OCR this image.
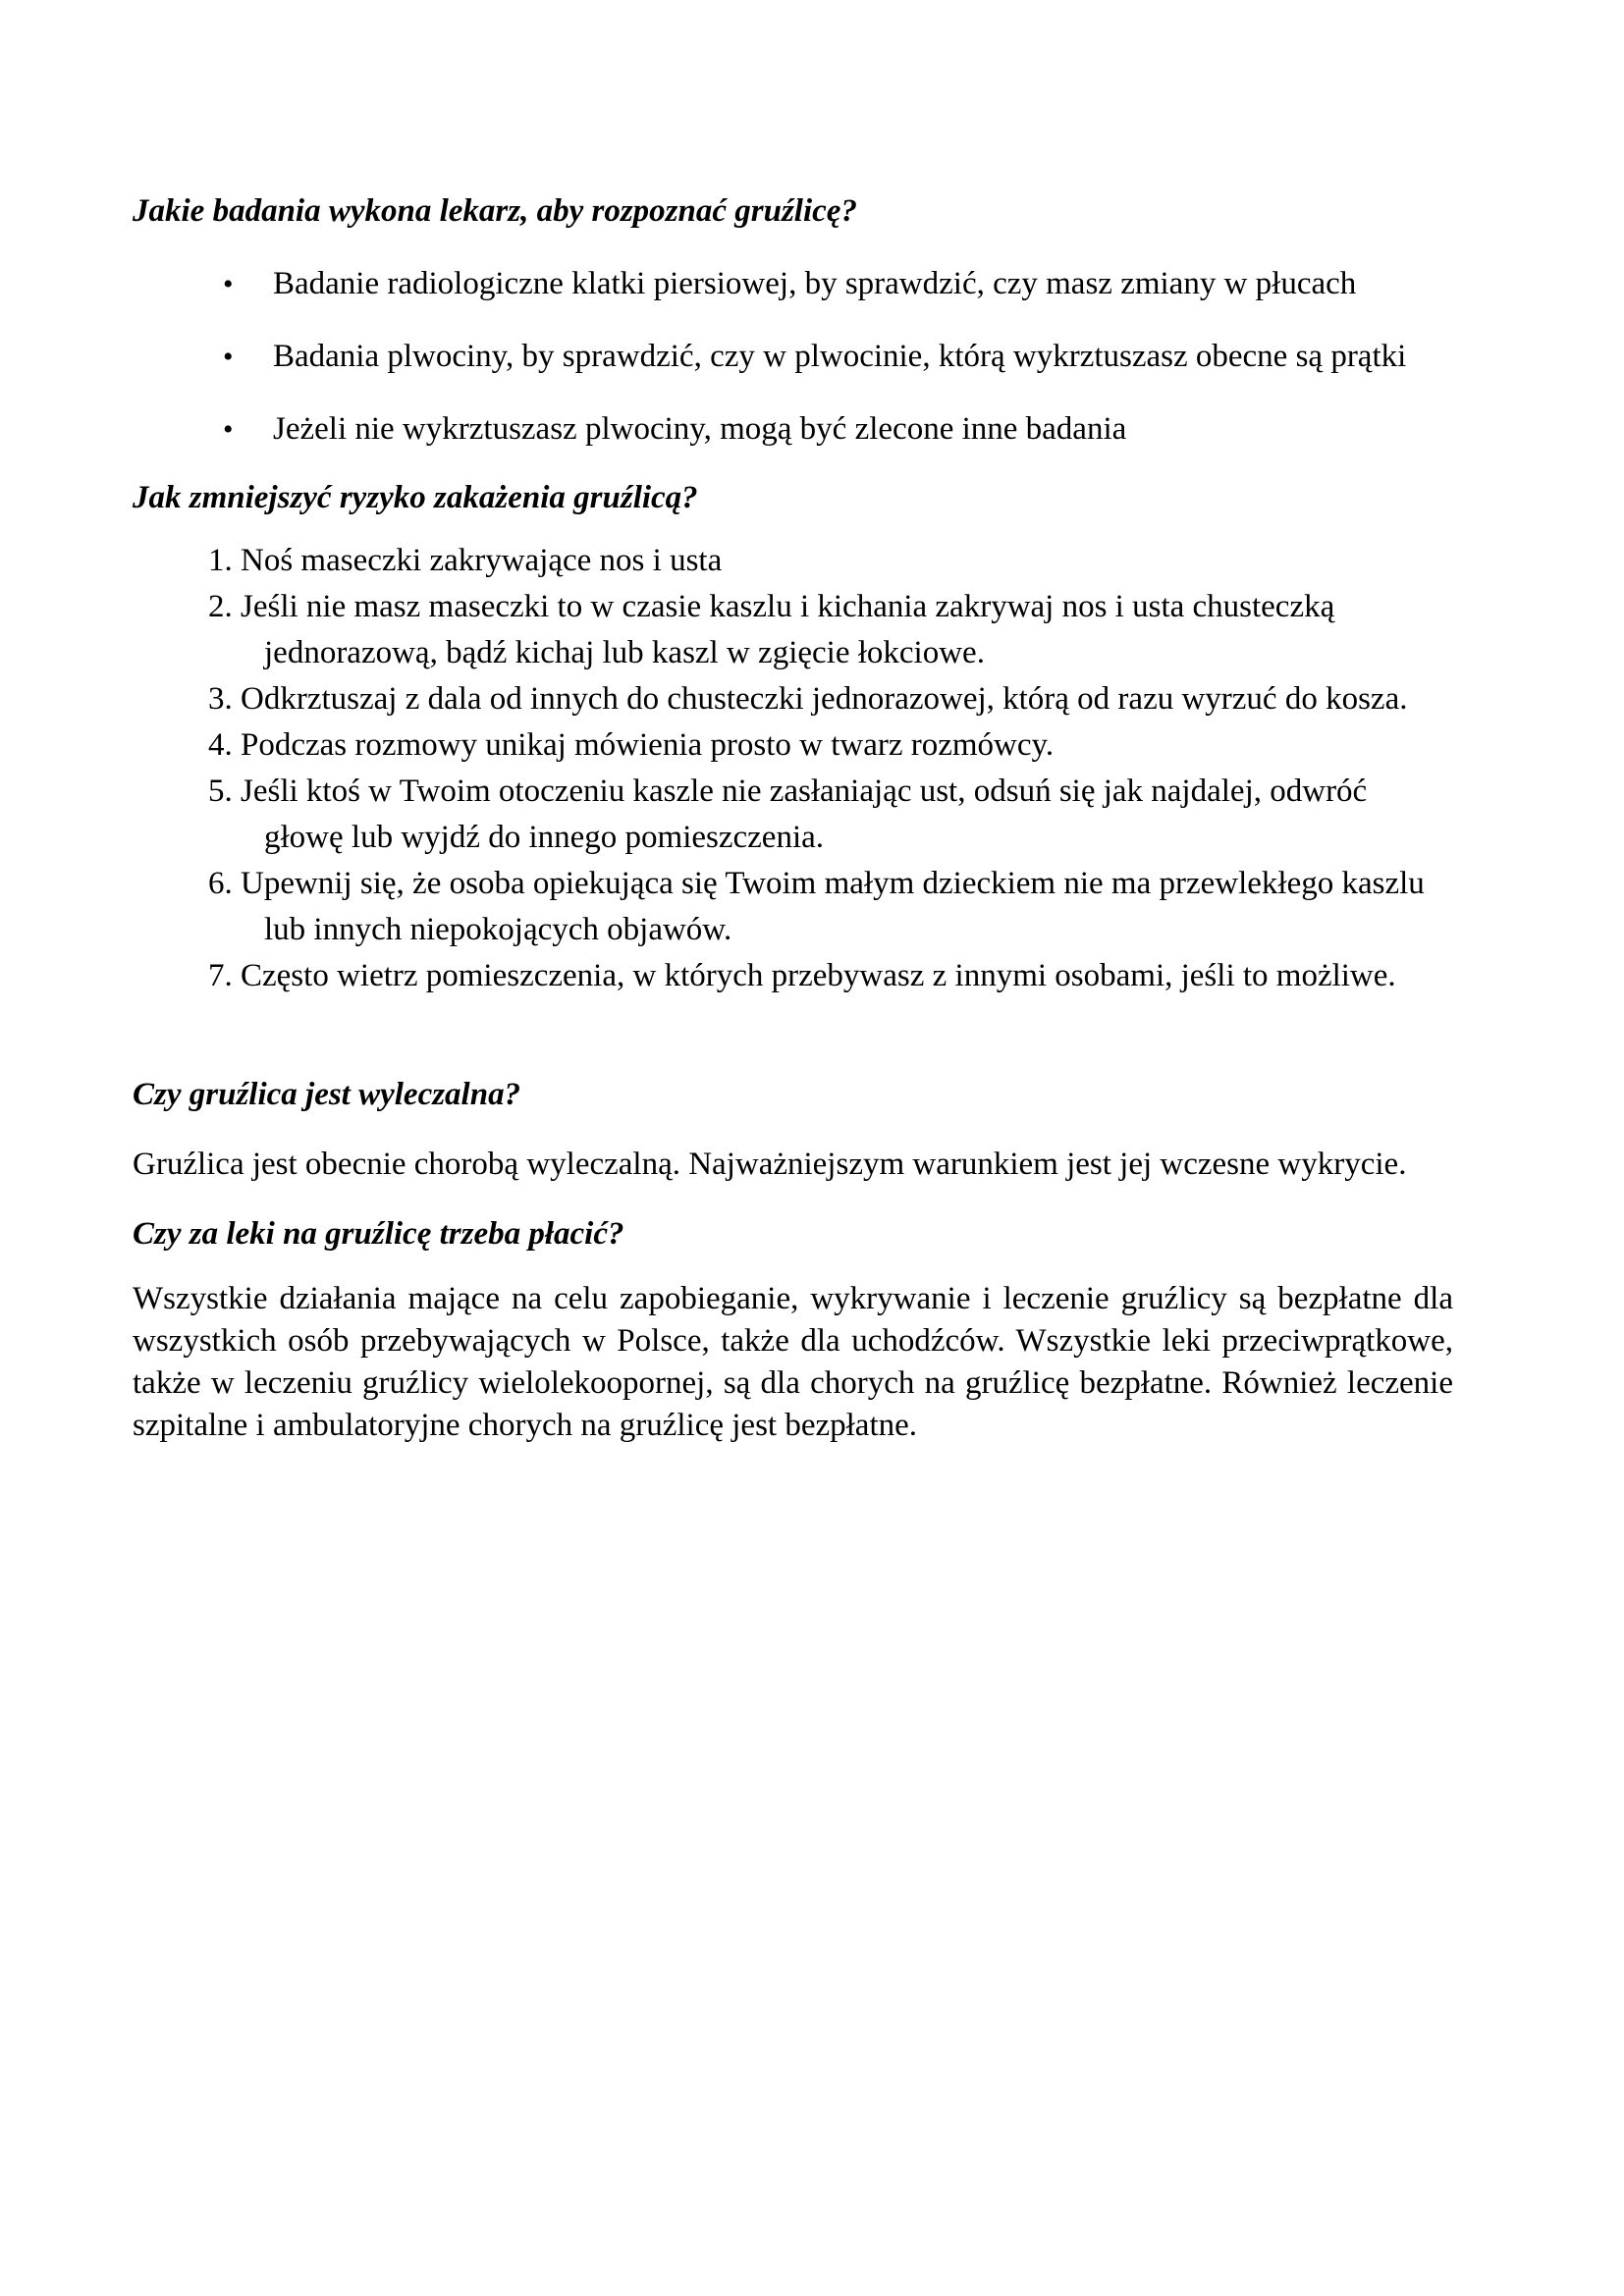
Jakie badania wykona lekarz, aby rozpoznać gruźlicę?
• Badanie radiologiczne klatki piersiowej, by sprawdzić, czy masz zmiany w płucach
• Badania plwociny, by sprawdzić, czy w plwocinie, którą wykrztuszasz obecne są prątki
• Jeżeli nie wykrztuszasz plwociny, mogą być zlecone inne badania
Jak zmniejszyć ryzyko zakażenia gruźlicą?
Noś maseczki zakrywające nos i usta
Jeśli nie masz maseczki to w czasie kaszlu i kichania zakrywaj nos i usta chusteczką jednorazową, bądź kichaj lub kaszl w zgięcie łokciowe.
Odkrztuszaj z dala od innych do chusteczki jednorazowej, którą od razu wyrzuć do kosza.
Podczas rozmowy unikaj mówienia prosto w twarz rozmówcy.
Jeśli ktoś w Twoim otoczeniu kaszle nie zasłaniając ust, odsuń się jak najdalej, odwróć głowę lub wyjdź do innego pomieszczenia.
Upewnij się, że osoba opiekująca się Twoim małym dzieckiem nie ma przewlekłego kaszlu lub innych niepokojących objawów.
Często wietrz pomieszczenia, w których przebywasz z innymi osobami, jeśli to możliwe.
Czy gruźlica jest wyleczalna?

Gruźlica jest obecnie chorobą wyleczalną. Najważniejszym warunkiem jest jej wczesne wykrycie.

Czy za leki na gruźlicę trzeba płacić?

Wszystkie działania mające na celu zapobieganie, wykrywanie i leczenie gruźlicy są bezpłatne dla wszystkich osób przebywających w Polsce, także dla uchodźców. Wszystkie leki przeciwprątkowe, także w leczeniu gruźlicy wielolekoopornej, są dla chorych na gruźlicę bezpłatne. Również leczenie szpitalne i ambulatoryjne chorych na gruźlicę jest bezpłatne.
